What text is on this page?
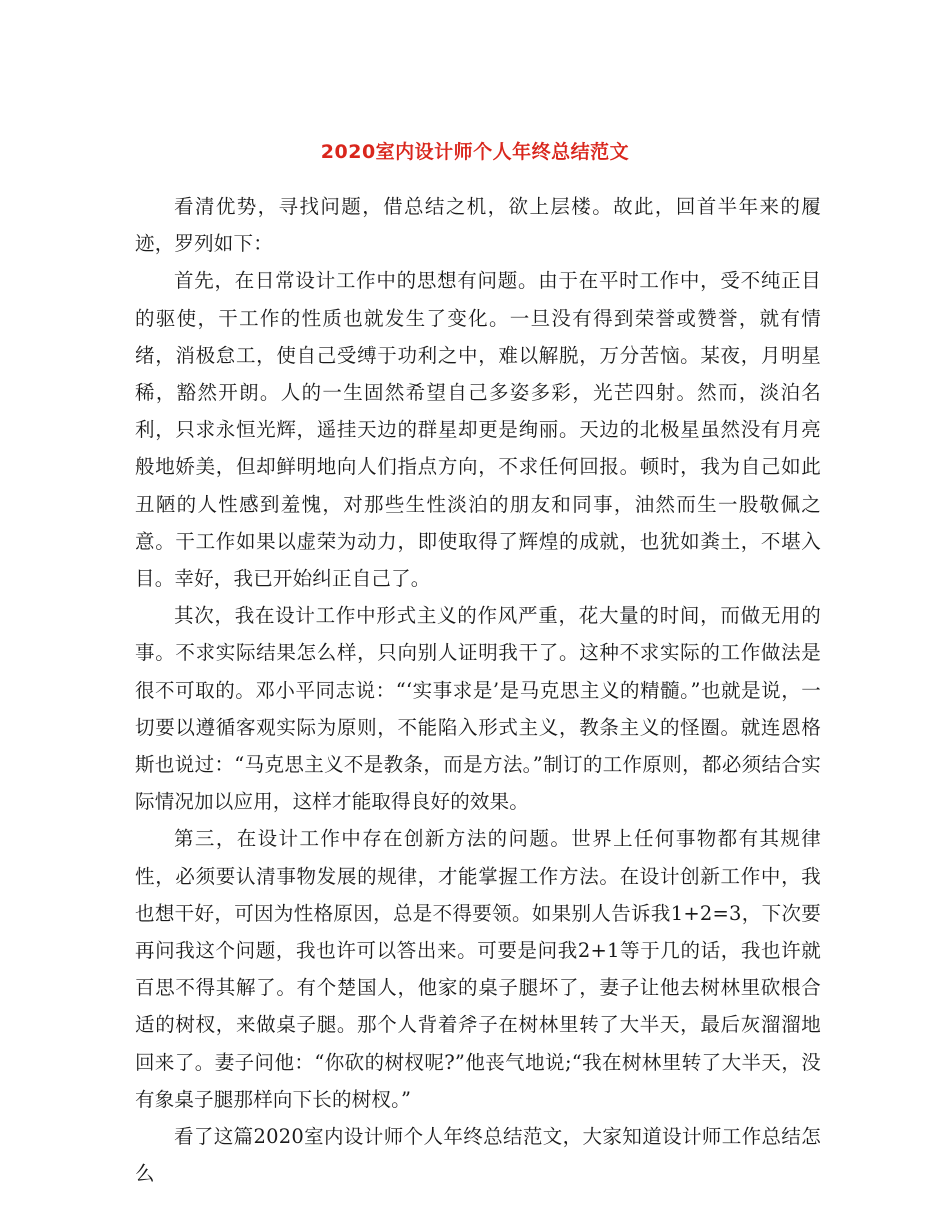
2020室内设计师个人年终总结范文

看清优势，寻找问题，借总结之机，欲上层楼。故此，回首半年来的履迹，罗列如下：

首先，在日常设计工作中的思想有问题。由于在平时工作中，受不纯正目的驱使，干工作的性质也就发生了变化。一旦没有得到荣誉或赞誉，就有情绪，消极怠工，使自己受缚于功利之中，难以解脱，万分苦恼。某夜，月明星稀，豁然开朗。人的一生固然希望自己多姿多彩，光芒四射。然而，淡泊名利，只求永恒光辉，遥挂天边的群星却更是绚丽。天边的北极星虽然没有月亮般地娇美，但却鲜明地向人们指点方向，不求任何回报。顿时，我为自己如此丑陋的人性感到羞愧，对那些生性淡泊的朋友和同事，油然而生一股敬佩之意。干工作如果以虚荣为动力，即使取得了辉煌的成就，也犹如粪土，不堪入目。幸好，我已开始纠正自己了。

其次，我在设计工作中形式主义的作风严重，花大量的时间，而做无用的事。不求实际结果怎么样，只向别人证明我干了。这种不求实际的工作做法是很不可取的。邓小平同志说：“‘实事求是’是马克思主义的精髓。”也就是说，一切要以遵循客观实际为原则，不能陷入形式主义，教条主义的怪圈。就连恩格斯也说过：“马克思主义不是教条，而是方法。”制订的工作原则，都必须结合实际情况加以应用，这样才能取得良好的效果。

第三，在设计工作中存在创新方法的问题。世界上任何事物都有其规律性，必须要认清事物发展的规律，才能掌握工作方法。在设计创新工作中，我也想干好，可因为性格原因，总是不得要领。如果别人告诉我1+2=3，下次要再问我这个问题，我也许可以答出来。可要是问我2+1等于几的话，我也许就百思不得其解了。有个楚国人，他家的桌子腿坏了，妻子让他去树林里砍根合适的树杈，来做桌子腿。那个人背着斧子在树林里转了大半天，最后灰溜溜地回来了。妻子问他：“你砍的树杈呢?”他丧气地说;“我在树林里转了大半天，没有象桌子腿那样向下长的树杈。”

看了这篇2020室内设计师个人年终总结范文，大家知道设计师工作总结怎么
